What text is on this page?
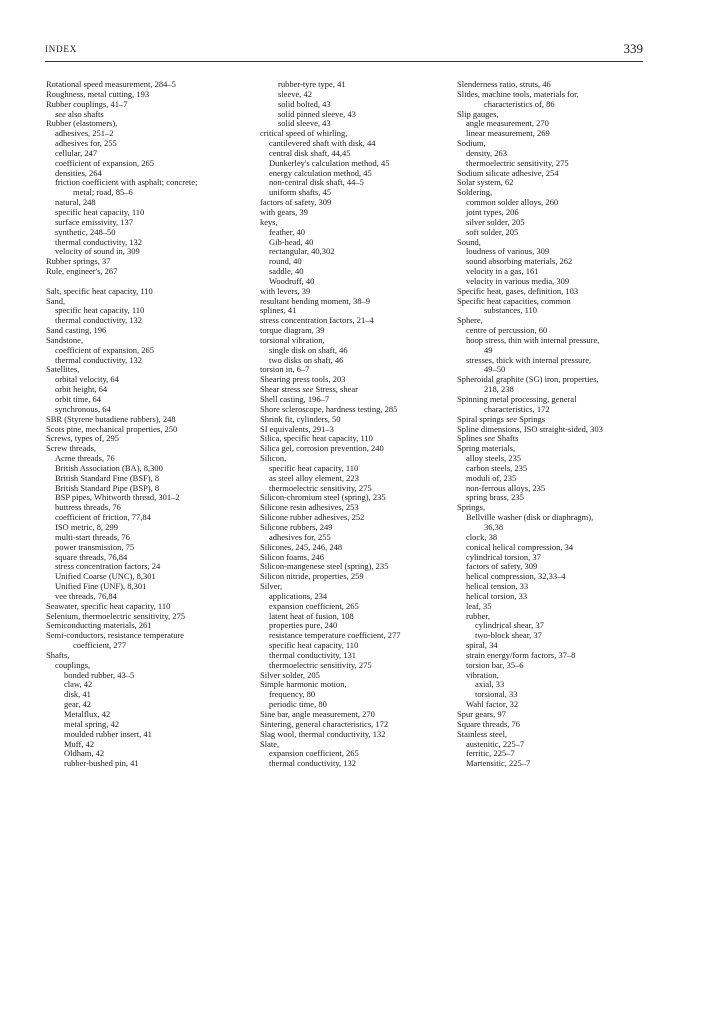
INDEX	339
Rotational speed measurement, 284–5
Roughness, metal cutting, 193
Rubber couplings, 41–7
see also shafts
Rubber (elastomers),
adhesives, 251–2
adhesives for, 255
cellular, 247
coefficient of expansion, 265
densities, 264
friction coefficient with asphalt; concrete;
metal; road, 85–6
natural, 248
specific heat capacity, 110
surface emissivity, 137
synthetic, 248–50
thermal conductivity, 132
velocity of sound in, 309
Rubber springs, 37
Rule, engineer's, 267
Salt, specific heat capacity, 110
Sand,
specific heat capacity, 110
thermal conductivity, 132
Sand casting, 196
Sandstone,
coefficient of expansion, 265
thermal conductivity, 132
Satellites,
orbital velocity, 64
orbit height, 64
orbit time, 64
synchronous, 64
SBR (Styrene butadiene rubbers), 248
Scots pine, mechanical properties, 250
Screws, types of, 295
Screw threads,
Acme threads, 76
British Association (BA), 8,300
British Standard Fine (BSF), 8
British Standard Pipe (BSP), 8
BSP pipes, Whitworth thread, 301–2
buttress threads, 76
coefficient of friction, 77,84
ISO metric, 8, 299
multi-start threads, 76
power transmission, 75
square threads, 76,84
stress concentration factors, 24
Unified Coarse (UNC), 8,301
Unified Fine (UNF), 8,301
vee threads, 76,84
Seawater, specific heat capacity, 110
Selenium, thermoelectric sensitivity, 275
Semiconducting materials, 261
Semi-conductors, resistance temperature
coefficient, 277
Shafts,
couplings,
bonded rubber, 43–5
claw, 42
disk, 41
gear, 42
Metalflux, 42
metal spring, 42
moulded rubber insert, 41
Muff, 42
Oldham, 42
rubber-bushed pin, 41
rubber-tyre type, 41
sleeve, 42
solid bolted, 43
solid pinned sleeve, 43
solid sleeve, 43
critical speed of whirling,
cantilevered shaft with disk, 44
central disk shaft, 44,45
Dunkerley's calculation method, 45
energy calculation method, 45
non-central disk shaft, 44–5
uniform shafts, 45
factors of safety, 309
with gears, 39
keys,
feather, 40
Gib-head, 40
rectangular, 40,302
round, 40
saddle, 40
Woodruff, 40
with levers, 39
resultant bending moment, 38–9
splines, 41
stress concentration factors, 21–4
torque diagram, 39
torsional vibration,
single disk on shaft, 46
two disks on shaft, 46
torsion in, 6–7
Shearing press tools, 203
Shear stress see Stress, shear
Shell casting, 196–7
Shore scleroscope, hardness testing, 285
Shrink fit, cylinders, 50
SI equivalents, 291–3
Silica, specific heat capacity, 110
Silica gel, corrosion prevention, 240
Silicon,
specific heat capacity, 110
as steel alloy element, 223
thermoelectric sensitivity, 275
Silicon-chromium steel (spring), 235
Silicone resin adhesives, 253
Silicone rubber adhesives, 252
Silicone rubbers, 249
adhesives for, 255
Silicones, 245, 246, 248
Silicon foams, 246
Silicon-mangenese steel (spring), 235
Silicon nitride, properties, 259
Silver,
applications, 234
expansion coefficient, 265
latent heat of fusion, 108
properties pure, 240
resistance temperature coefficient, 277
specific heat capacity, 110
thermal conductivity, 131
thermoelectric sensitivity, 275
Silver solder, 205
Simple harmonic motion,
frequency, 80
periodic time, 80
Sine bar, angle measurement, 270
Sintering, general characteristics, 172
Slag wool, thermal conductivity, 132
Slate,
expansion coefficient, 265
thermal conductivity, 132
Slenderness ratio, struts, 46
Slides, machine tools, materials for,
characteristics of, 86
Slip gauges,
angle measurement, 270
linear measurement, 269
Sodium,
density, 263
thermoelectric sensitivity, 275
Sodium silicate adhesive, 254
Solar system, 62
Soldering,
common solder alloys, 260
joint types, 206
silver solder, 205
soft solder, 205
Sound,
loudness of various, 309
sound absorbing materials, 262
velocity in a gas, 161
velocity in various media, 309
Specific heat, gases, definition, 103
Specific heat capacities, common
substances, 110
Sphere,
centre of percussion, 60
hoop stress, thin with internal pressure,
49
stresses, thick with internal pressure,
49–50
Spheroidal graphite (SG) iron, properties,
218, 238
Spinning metal processing, general
characteristics, 172
Spiral springs see Springs
Spline dimensions, ISO straight-sided, 303
Splines see Shafts
Spring materials,
alloy steels, 235
carbon steels, 235
moduli of, 235
non-ferrous alloys, 235
spring brass, 235
Springs,
Bellville washer (disk or diaphragm),
36,38
clock, 38
conical helical compression, 34
cylindrical torsion, 37
factors of safety, 309
helical compression, 32,33–4
helical tension, 33
helical torsion, 33
leaf, 35
rubber,
cylindrical shear, 37
two-block shear, 37
spiral, 34
strain energy/form factors, 37–8
torsion bar, 35–6
vibration,
axial, 33
torsional, 33
Wahl factor, 32
Spur gears, 97
Square threads, 76
Stainless steel,
austenitic, 225–7
ferritic, 225–7
Martensitic, 225–7
